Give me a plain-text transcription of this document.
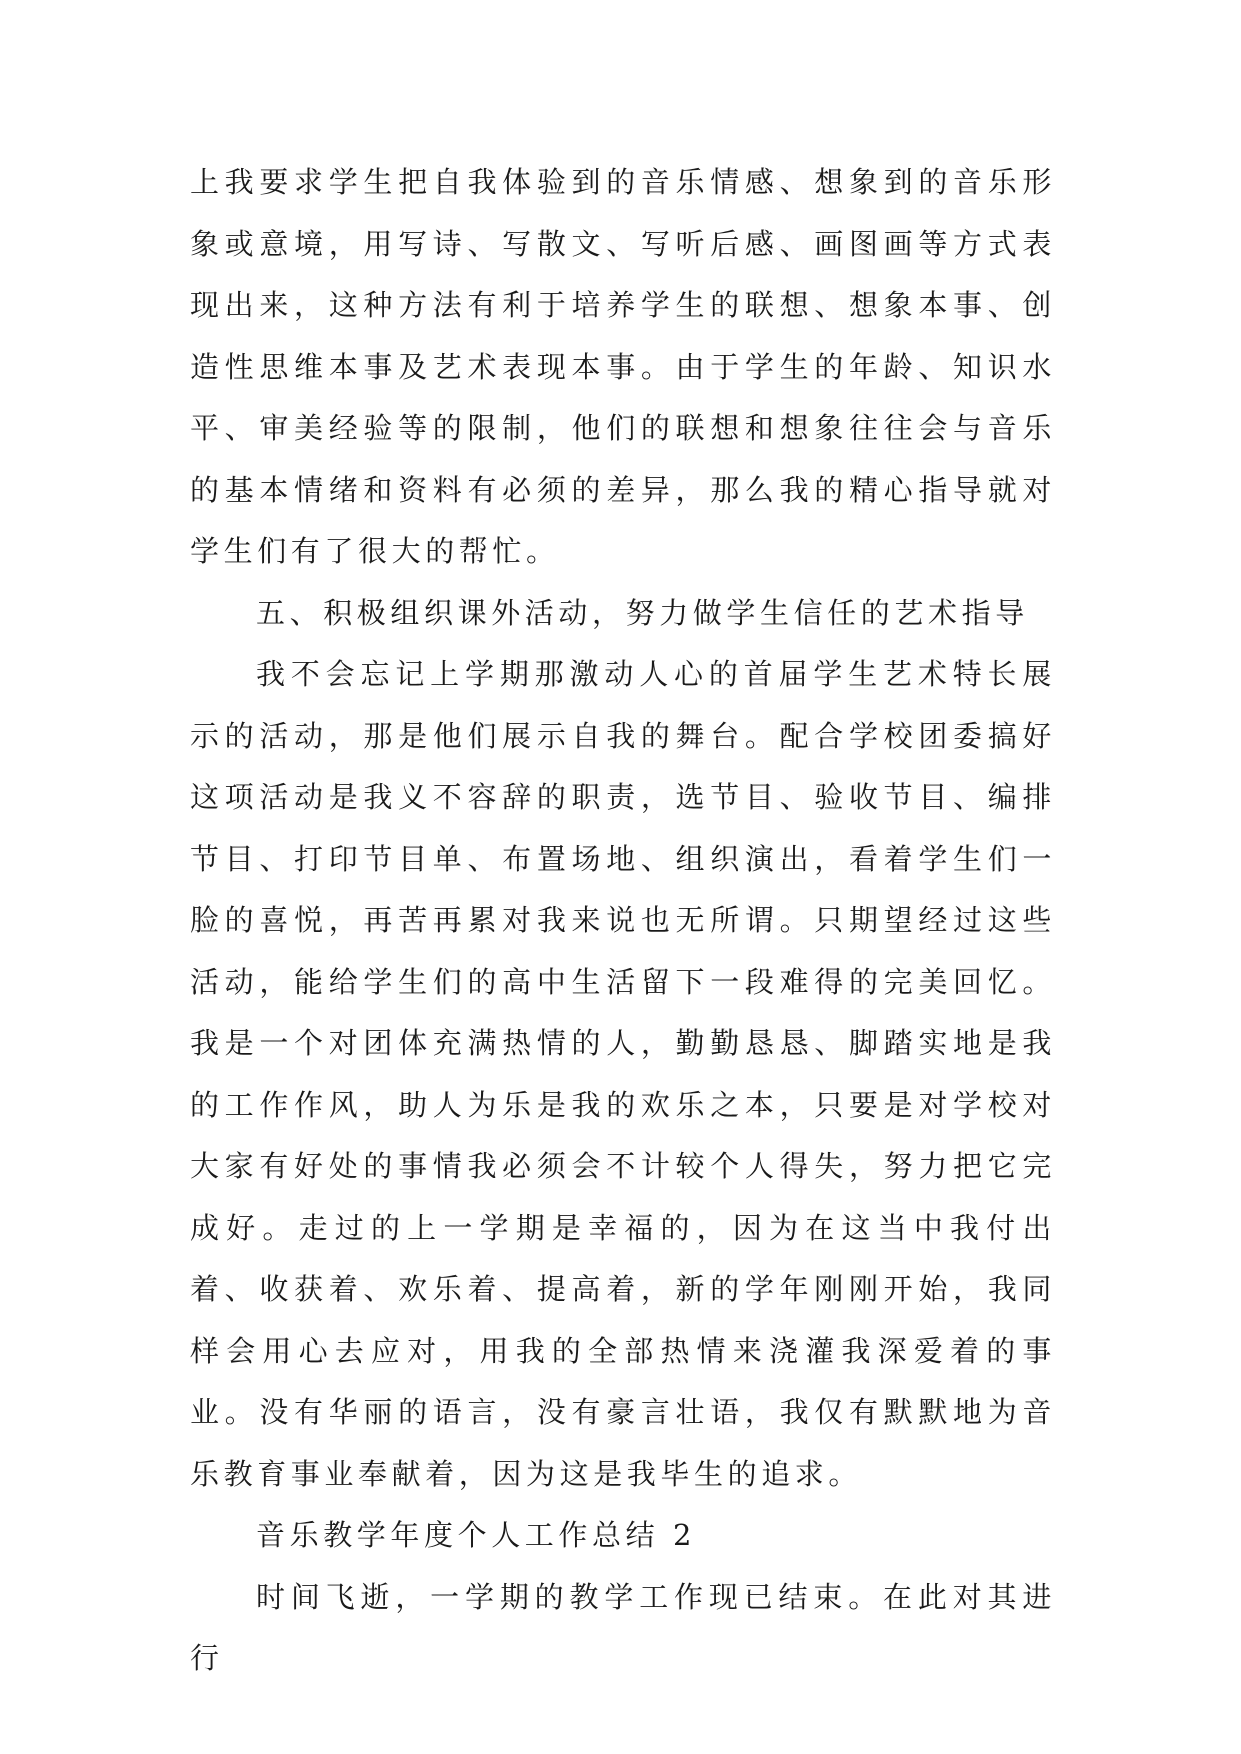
上我要求学生把自我体验到的音乐情感、想象到的音乐形象或意境，用写诗、写散文、写听后感、画图画等方式表现出来，这种方法有利于培养学生的联想、想象本事、创造性思维本事及艺术表现本事。由于学生的年龄、知识水平、审美经验等的限制，他们的联想和想象往往会与音乐的基本情绪和资料有必须的差异，那么我的精心指导就对学生们有了很大的帮忙。

五、积极组织课外活动，努力做学生信任的艺术指导

我不会忘记上学期那激动人心的首届学生艺术特长展示的活动，那是他们展示自我的舞台。配合学校团委搞好这项活动是我义不容辞的职责，选节目、验收节目、编排节目、打印节目单、布置场地、组织演出，看着学生们一脸的喜悦，再苦再累对我来说也无所谓。只期望经过这些活动，能给学生们的高中生活留下一段难得的完美回忆。我是一个对团体充满热情的人，勤勤恳恳、脚踏实地是我的工作作风，助人为乐是我的欢乐之本，只要是对学校对大家有好处的事情我必须会不计较个人得失，努力把它完成好。走过的上一学期是幸福的，因为在这当中我付出着、收获着、欢乐着、提高着，新的学年刚刚开始，我同样会用心去应对，用我的全部热情来浇灌我深爱着的事业。没有华丽的语言，没有豪言壮语，我仅有默默地为音乐教育事业奉献着，因为这是我毕生的追求。

音乐教学年度个人工作总结 2

时间飞逝，一学期的教学工作现已结束。在此对其进行
